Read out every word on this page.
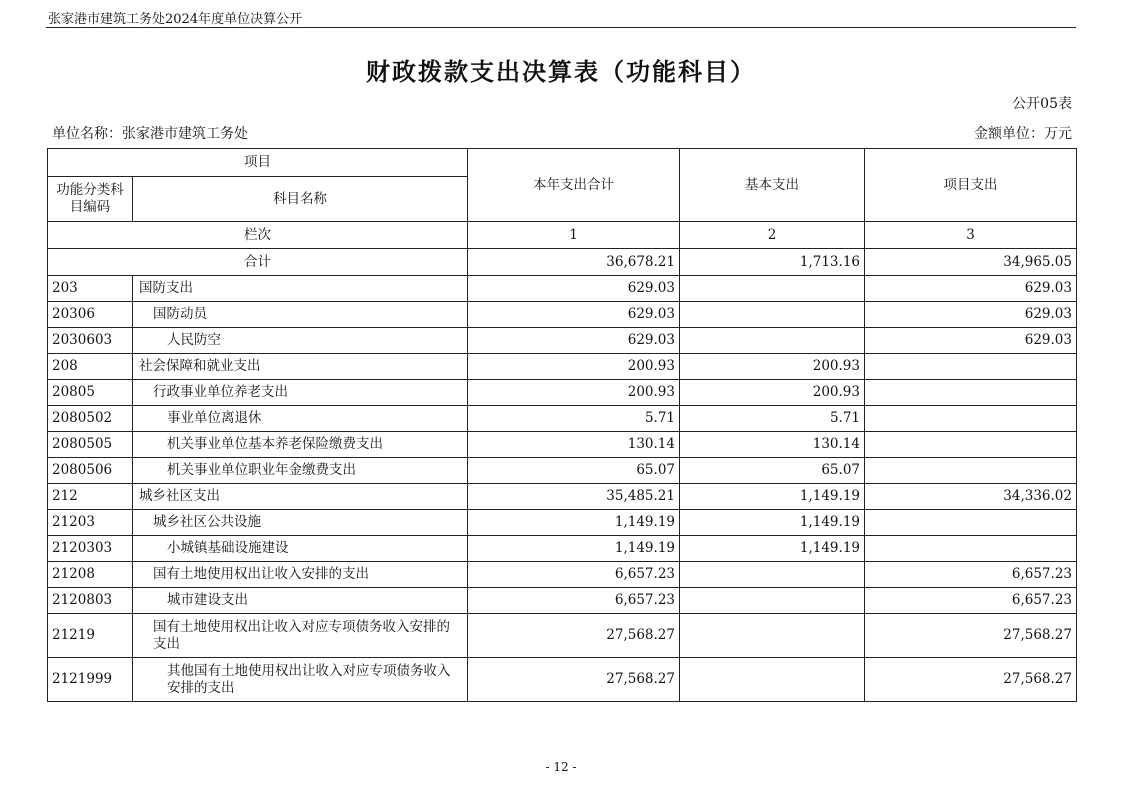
张家港市建筑工务处2024年度单位决算公开
财政拨款支出决算表（功能科目）
公开05表
单位名称：张家港市建筑工务处	金额单位：万元
项目		本年支出合计	基本支出	项目支出
功能分类科目编码	科目名称			
栏次		1	2	3
合计		36,678.21	1,713.16	34,965.05
203	国防支出	629.03		629.03
20306	国防动员	629.03		629.03
2030603	人民防空	629.03		629.03
208	社会保障和就业支出	200.93	200.93	
20805	行政事业单位养老支出	200.93	200.93	
2080502	事业单位离退休	5.71	5.71	
2080505	机关事业单位基本养老保险缴费支出	130.14	130.14	
2080506	机关事业单位职业年金缴费支出	65.07	65.07	
212	城乡社区支出	35,485.21	1,149.19	34,336.02
21203	城乡社区公共设施	1,149.19	1,149.19	
2120303	小城镇基础设施建设	1,149.19	1,149.19	
21208	国有土地使用权出让收入安排的支出	6,657.23		6,657.23
2120803	城市建设支出	6,657.23		6,657.23
21219	国有土地使用权出让收入对应专项债务收入安排的支出	27,568.27		27,568.27
2121999	其他国有土地使用权出让收入对应专项债务收入安排的支出	27,568.27		27,568.27
- 12 -
